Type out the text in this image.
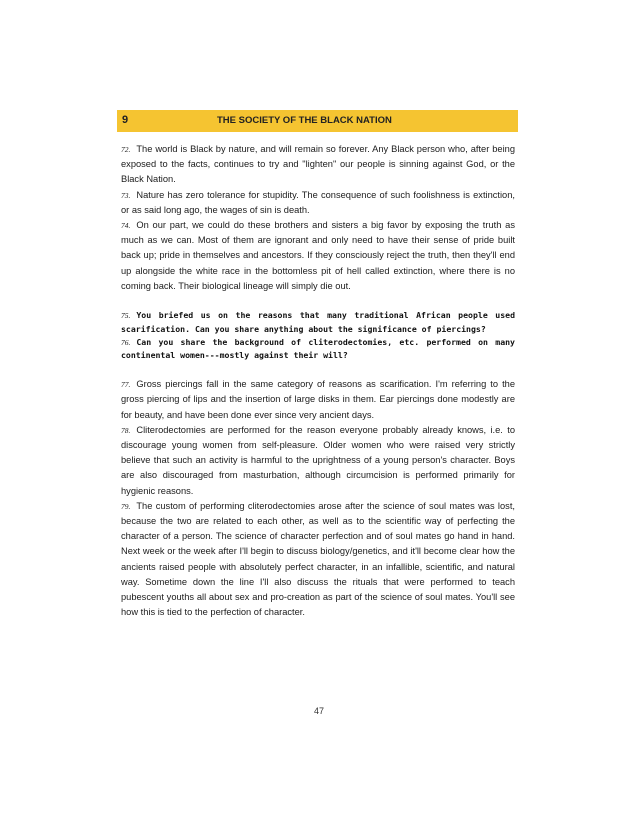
9	THE SOCIETY OF THE BLACK NATION

72. The world is Black by nature, and will remain so forever. Any Black person who, after being exposed to the facts, continues to try and "lighten" our people is sinning against God, or the Black Nation.

73. Nature has zero tolerance for stupidity. The consequence of such foolishness is extinction, or as said long ago, the wages of sin is death.

74. On our part, we could do these brothers and sisters a big favor by exposing the truth as much as we can. Most of them are ignorant and only need to have their sense of pride built back up; pride in themselves and ancestors. If they consciously reject the truth, then they'll end up alongside the white race in the bottomless pit of hell called extinction, where there is no coming back. Their biological lineage will simply die out.

75. You briefed us on the reasons that many traditional African people used scarification. Can you share anything about the significance of piercings?

76. Can you share the background of cliterodectomies, etc. performed on many continental women---mostly against their will?

77. Gross piercings fall in the same category of reasons as scarification. I'm referring to the gross piercing of lips and the insertion of large disks in them. Ear piercings done modestly are for beauty, and have been done ever since very ancient days.

78. Cliterodectomies are performed for the reason everyone probably already knows, i.e. to discourage young women from self-pleasure. Older women who were raised very strictly believe that such an activity is harmful to the uprightness of a young person's character. Boys are also discouraged from masturbation, although circumcision is performed primarily for hygienic reasons.

79. The custom of performing cliterodectomies arose after the science of soul mates was lost, because the two are related to each other, as well as to the scientific way of perfecting the character of a person. The science of character perfection and of soul mates go hand in hand. Next week or the week after I'll begin to discuss biology/genetics, and it'll become clear how the ancients raised people with absolutely perfect character, in an infallible, scientific, and natural way. Sometime down the line I'll also discuss the rituals that were performed to teach pubescent youths all about sex and pro-creation as part of the science of soul mates. You'll see how this is tied to the perfection of character.

47
